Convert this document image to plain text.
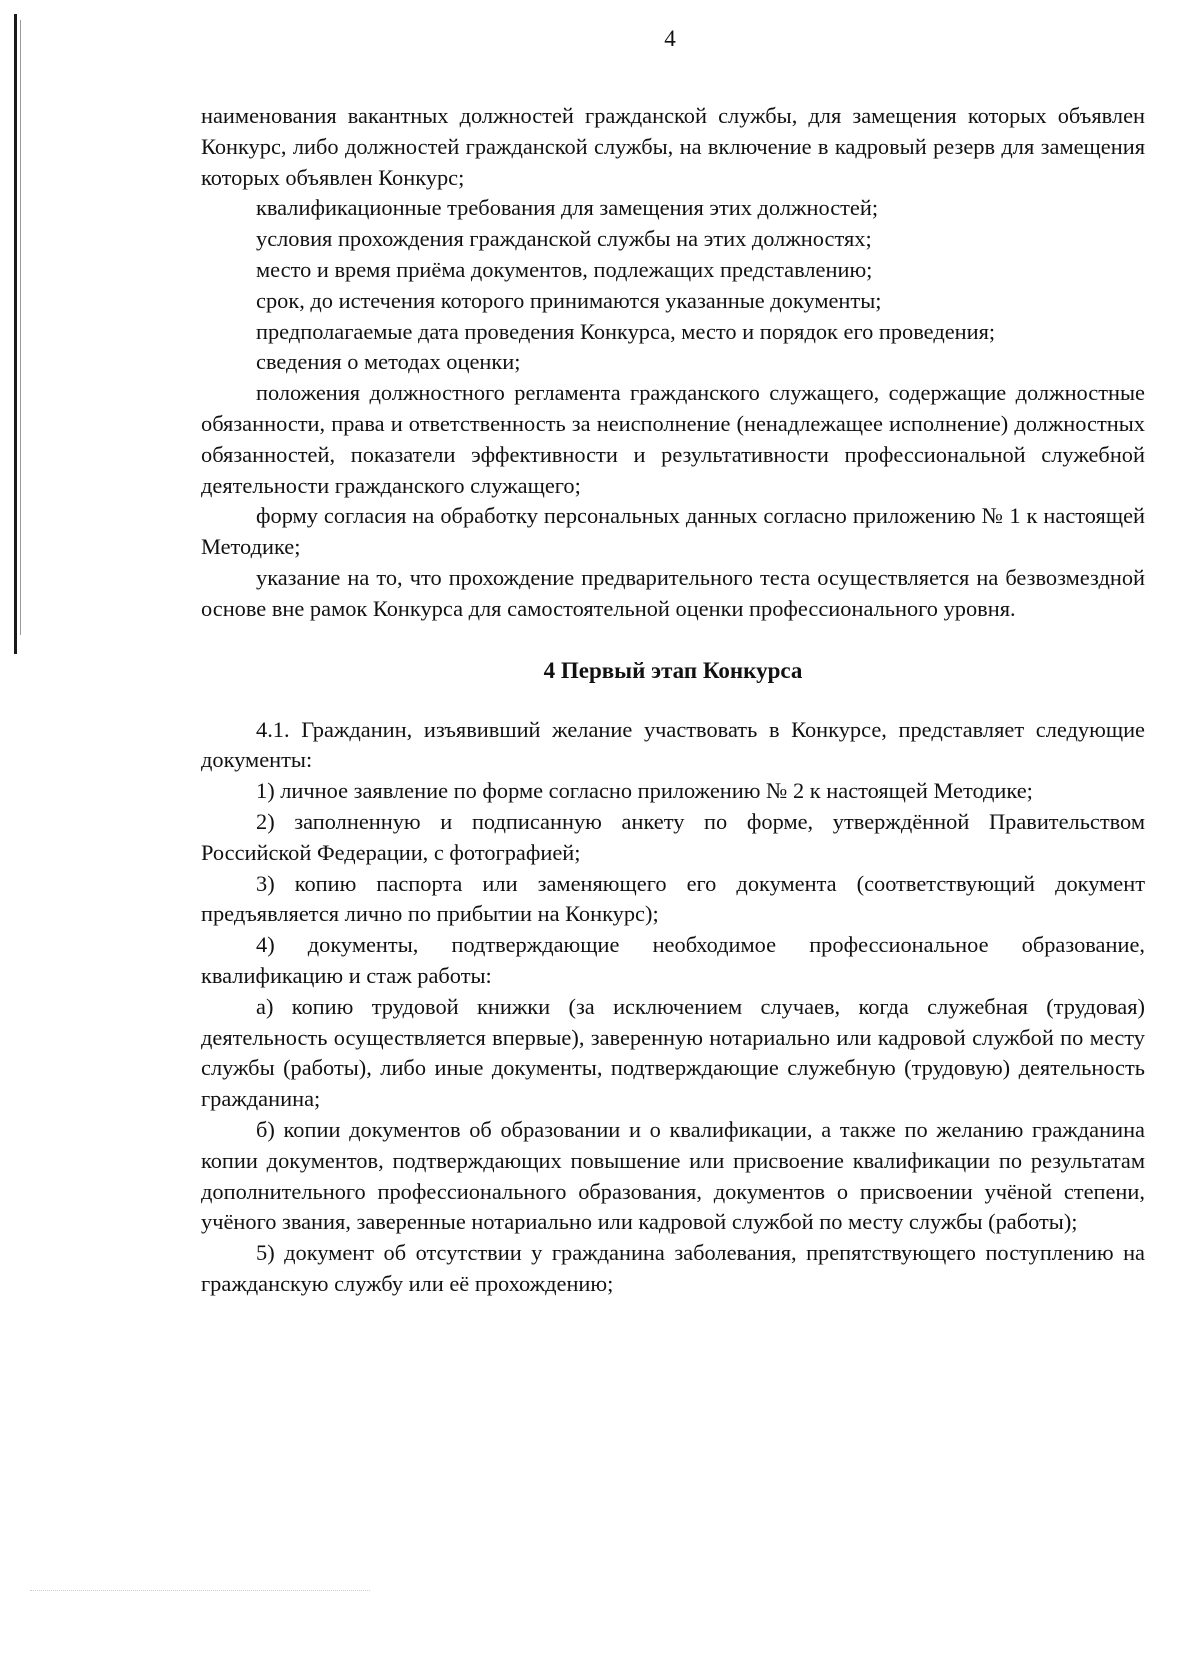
4

наименования вакантных должностей гражданской службы, для замещения которых объявлен Конкурс, либо должностей гражданской службы, на включение в кадровый резерв для замещения которых объявлен Конкурс;

квалификационные требования для замещения этих должностей;

условия прохождения гражданской службы на этих должностях;

место и время приёма документов, подлежащих представлению;

срок, до истечения которого принимаются указанные документы;

предполагаемые дата проведения Конкурса, место и порядок его проведения;

сведения о методах оценки;

положения должностного регламента гражданского служащего, содержащие должностные обязанности, права и ответственность за неисполнение (ненадлежащее исполнение) должностных обязанностей, показатели эффективности и результативности профессиональной служебной деятельности гражданского служащего;

форму согласия на обработку персональных данных согласно приложению № 1 к настоящей Методике;

указание на то, что прохождение предварительного теста осуществляется на безвозмездной основе вне рамок Конкурса для самостоятельной оценки профессионального уровня.

4 Первый этап Конкурса

4.1. Гражданин, изъявивший желание участвовать в Конкурсе, представляет следующие документы:

1) личное заявление по форме согласно приложению № 2 к настоящей Методике;

2) заполненную и подписанную анкету по форме, утверждённой Правительством Российской Федерации, с фотографией;

3) копию паспорта или заменяющего его документа (соответствующий документ предъявляется лично по прибытии на Конкурс);

4) документы, подтверждающие необходимое профессиональное образование, квалификацию и стаж работы:

а) копию трудовой книжки (за исключением случаев, когда служебная (трудовая) деятельность осуществляется впервые), заверенную нотариально или кадровой службой по месту службы (работы), либо иные документы, подтверждающие служебную (трудовую) деятельность гражданина;

б) копии документов об образовании и о квалификации, а также по желанию гражданина копии документов, подтверждающих повышение или присвоение квалификации по результатам дополнительного профессионального образования, документов о присвоении учёной степени, учёного звания, заверенные нотариально или кадровой службой по месту службы (работы);

5) документ об отсутствии у гражданина заболевания, препятствующего поступлению на гражданскую службу или её прохождению;
